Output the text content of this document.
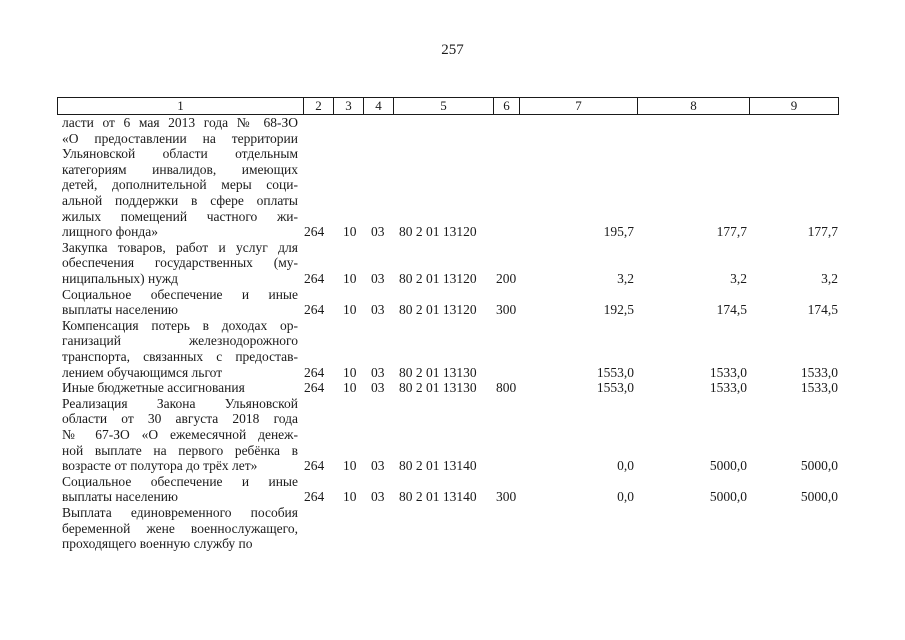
257
1	2	3	4	5	6	7	8	9
ласти от 6 мая 2013 года № 68-ЗО
«О предоставлении на территории
Ульяновской области отдельным
категориям инвалидов, имеющих
детей, дополнительной меры соци-
альной поддержки в сфере оплаты
жилых помещений частного жи-
лищного фонда»	264 10 03 80 2 01 13120	195,7	177,7	177,7
Закупка товаров, работ и услуг для
обеспечения государственных (му-
ниципальных) нужд	264 10 03 80 2 01 13120 200	3,2	3,2	3,2
Социальное обеспечение и иные
выплаты населению	264 10 03 80 2 01 13120 300	192,5	174,5	174,5
Компенсация потерь в доходах ор-
ганизаций железнодорожного
транспорта, связанных с предостав-
лением обучающимся льгот	264 10 03 80 2 01 13130	1553,0	1533,0	1533,0
Иные бюджетные ассигнования	264 10 03 80 2 01 13130 800	1553,0	1533,0	1533,0
Реализация Закона Ульяновской
области от 30 августа 2018 года
№ 67-ЗО «О ежемесячной денеж-
ной выплате на первого ребёнка в
возрасте от полутора до трёх лет»	264 10 03 80 2 01 13140	0,0	5000,0	5000,0
Социальное обеспечение и иные
выплаты населению	264 10 03 80 2 01 13140 300	0,0	5000,0	5000,0
Выплата единовременного пособия
беременной жене военнослужащего,
проходящего военную службу по
